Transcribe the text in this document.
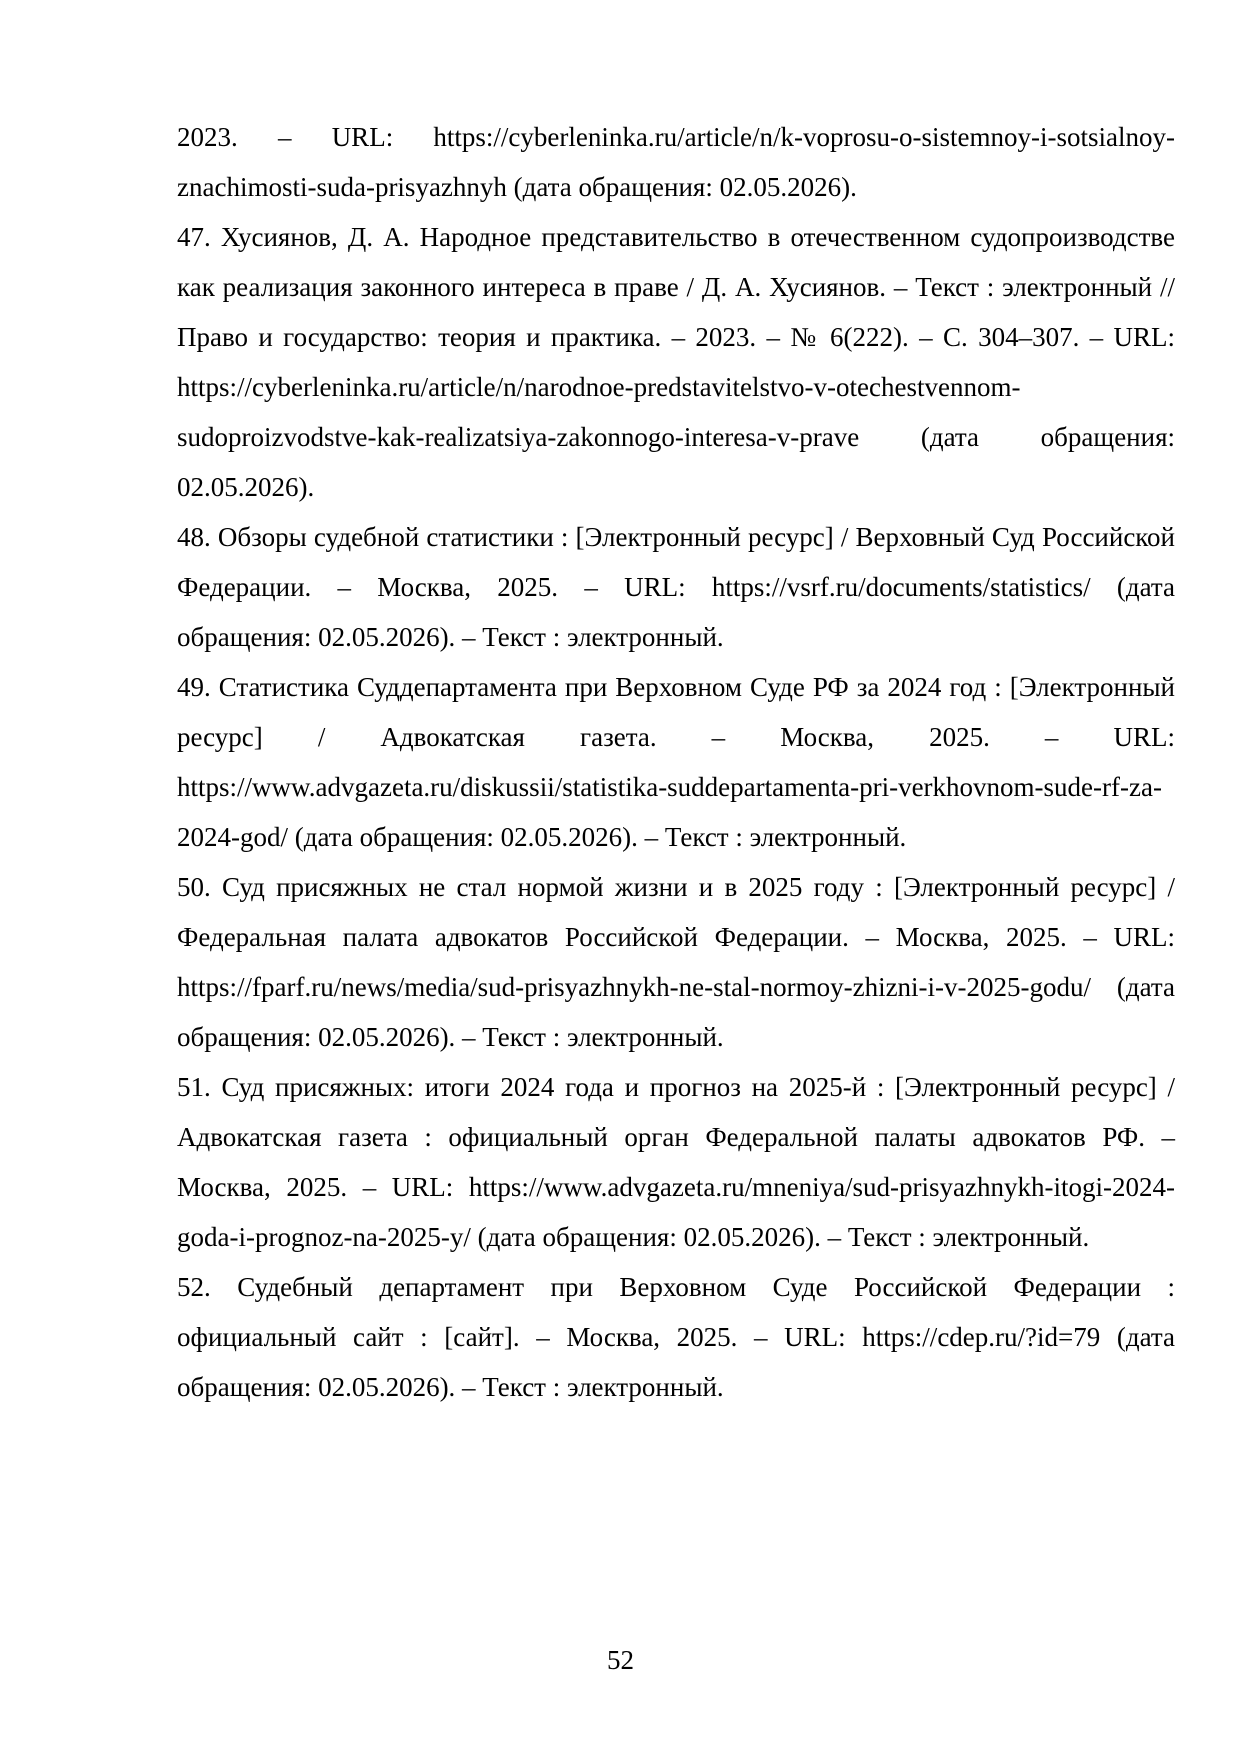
2023. – URL: https://cyberleninka.ru/article/n/k-voprosu-o-sistemnoy-i-sotsialnoy-znachimosti-suda-prisyazhnyh (дата обращения: 02.05.2026).

47. Хусиянов, Д. А. Народное представительство в отечественном судопроизводстве как реализация законного интереса в праве / Д. А. Хусиянов. – Текст : электронный // Право и государство: теория и практика. – 2023. – № 6(222). – С. 304–307. – URL: https://cyberleninka.ru/article/n/narodnoe-predstavitelstvo-v-otechestvennom-sudoproizvodstve-kak-realizatsiya-zakonnogo-interesa-v-prave (дата обращения: 02.05.2026).

48. Обзоры судебной статистики : [Электронный ресурс] / Верховный Суд Российской Федерации. – Москва, 2025. – URL: https://vsrf.ru/documents/statistics/ (дата обращения: 02.05.2026). – Текст : электронный.

49. Статистика Суддепартамента при Верховном Суде РФ за 2024 год : [Электронный ресурс] / Адвокатская газета. – Москва, 2025. – URL: https://www.advgazeta.ru/diskussii/statistika-suddepartamenta-pri-verkhovnom-sude-rf-za-2024-god/ (дата обращения: 02.05.2026). – Текст : электронный.

50. Суд присяжных не стал нормой жизни и в 2025 году : [Электронный ресурс] / Федеральная палата адвокатов Российской Федерации. – Москва, 2025. – URL: https://fparf.ru/news/media/sud-prisyazhnykh-ne-stal-normoy-zhizni-i-v-2025-godu/ (дата обращения: 02.05.2026). – Текст : электронный.

51. Суд присяжных: итоги 2024 года и прогноз на 2025-й : [Электронный ресурс] / Адвокатская газета : официальный орган Федеральной палаты адвокатов РФ. – Москва, 2025. – URL: https://www.advgazeta.ru/mneniya/sud-prisyazhnykh-itogi-2024-goda-i-prognoz-na-2025-y/ (дата обращения: 02.05.2026). – Текст : электронный.

52. Судебный департамент при Верховном Суде Российской Федерации : официальный сайт : [сайт]. – Москва, 2025. – URL: https://cdep.ru/?id=79 (дата обращения: 02.05.2026). – Текст : электронный.

52
